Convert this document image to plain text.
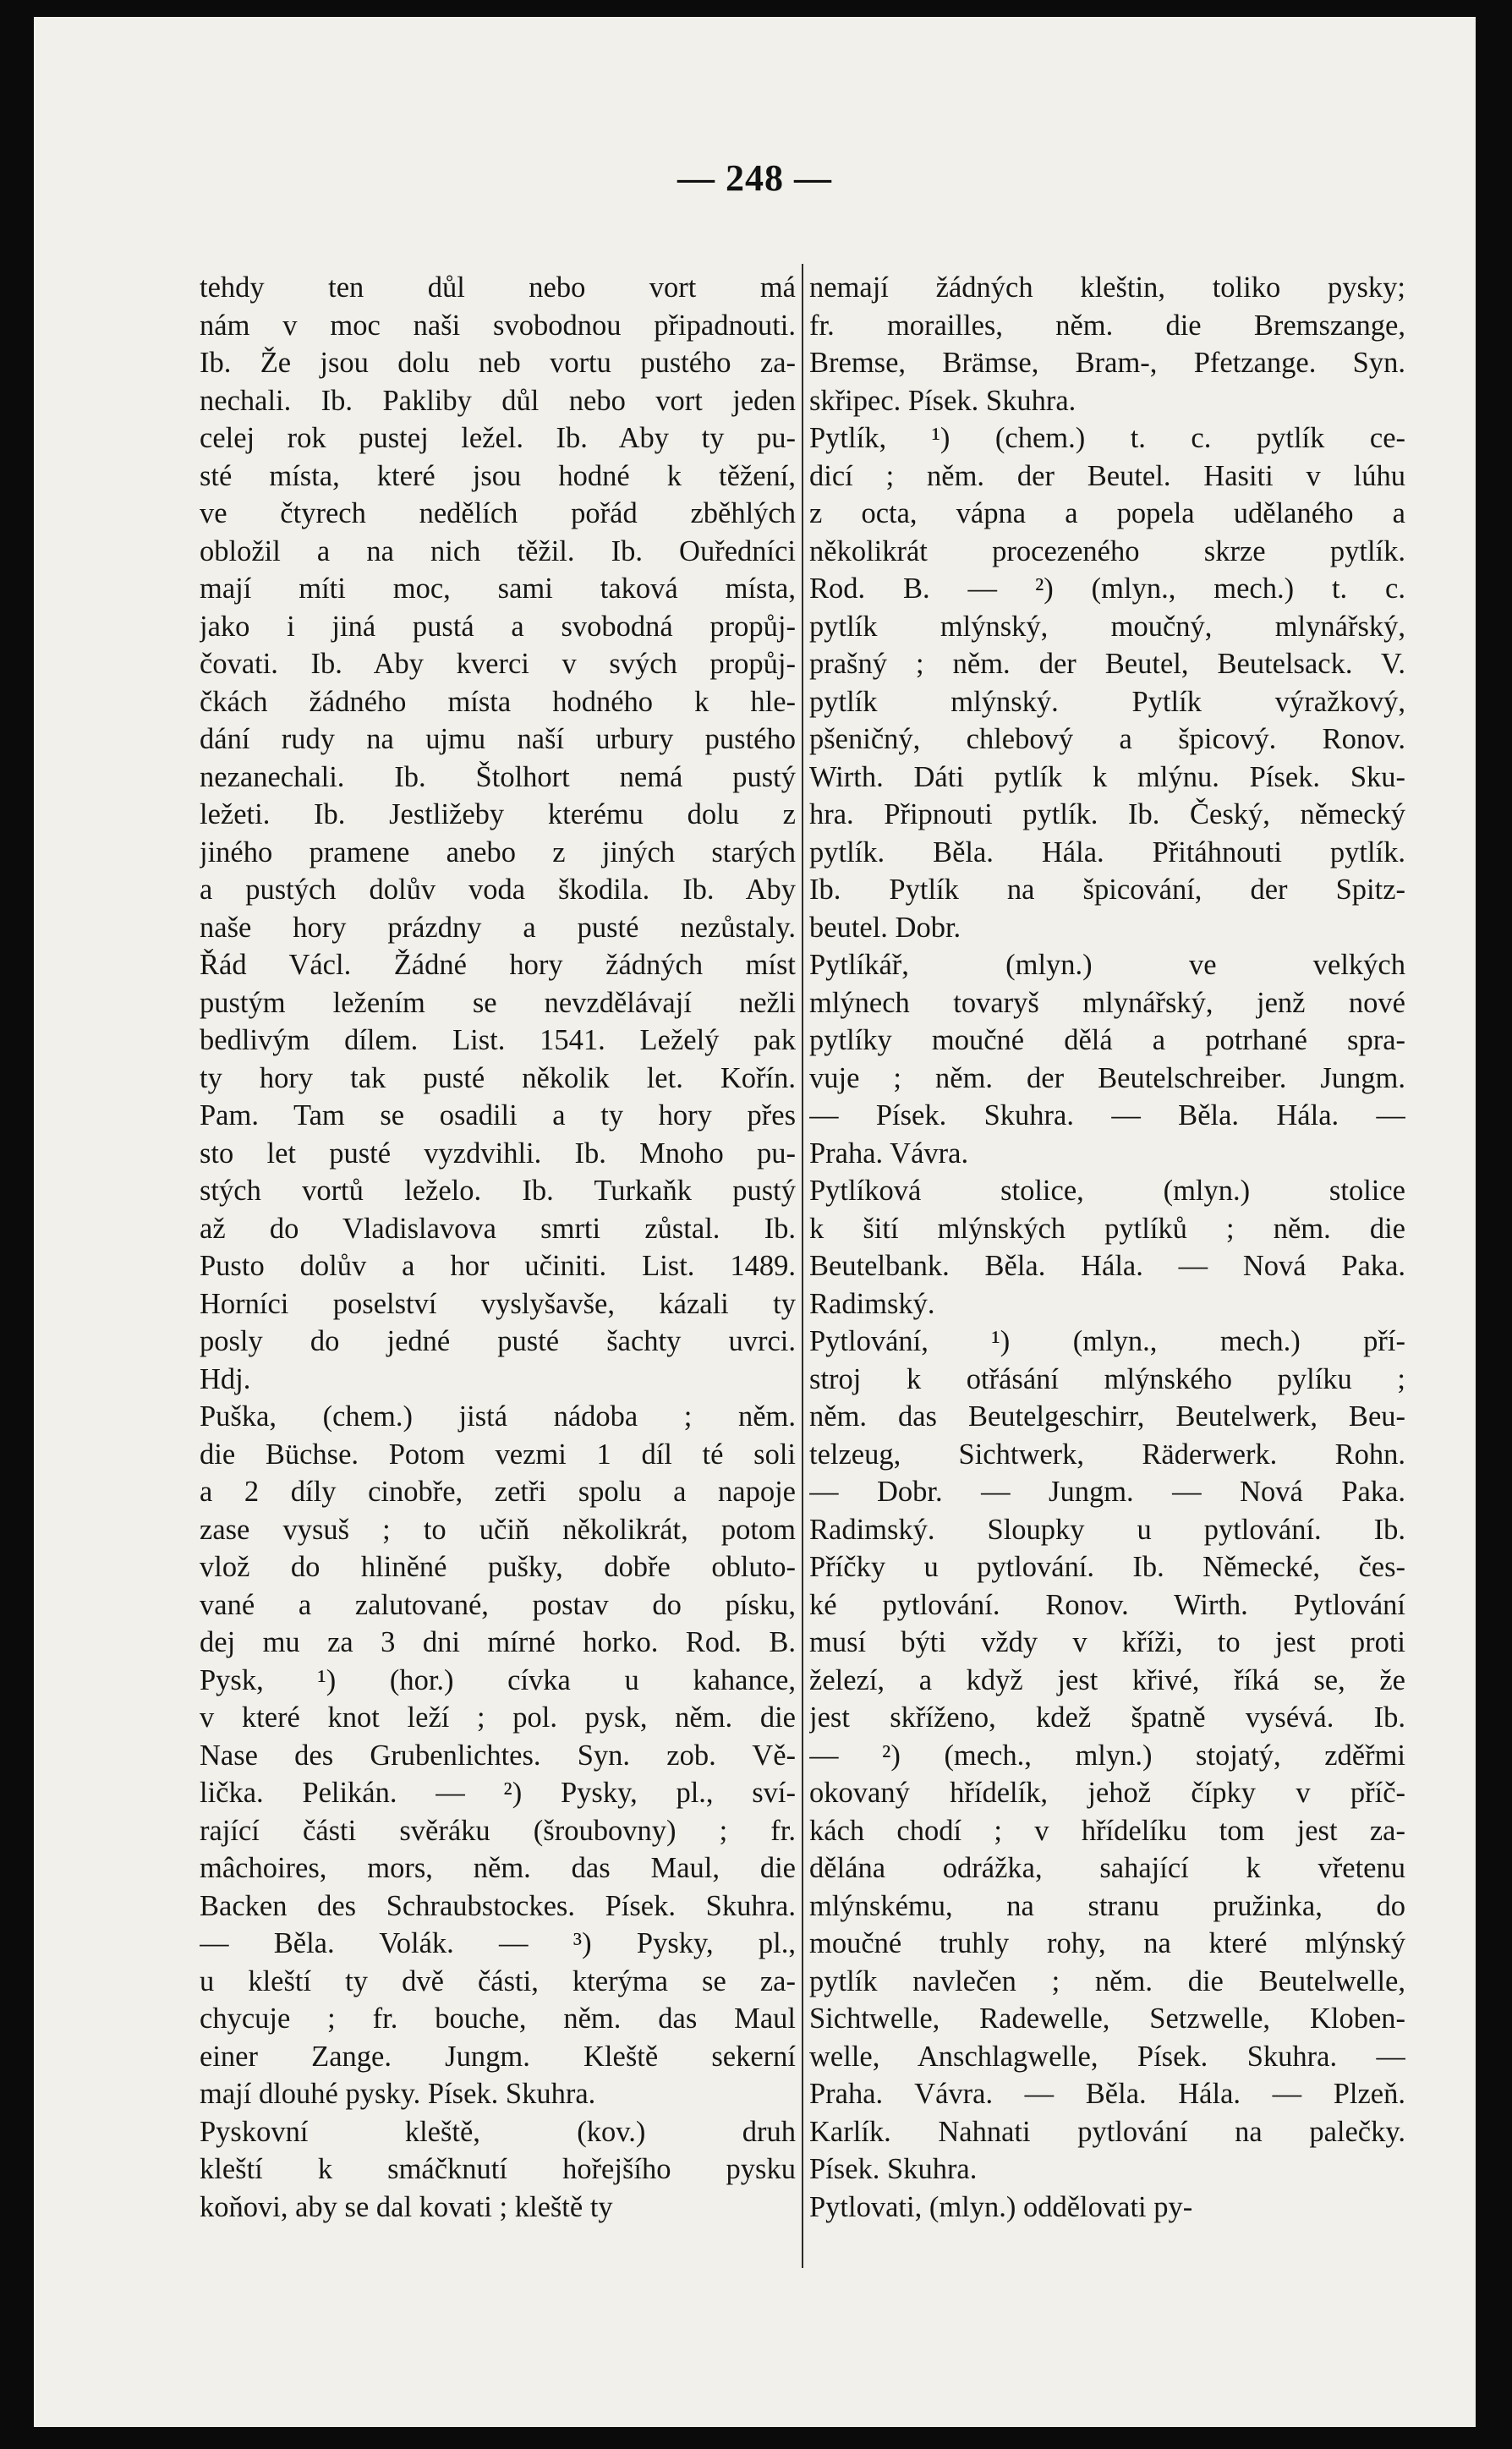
— 248 —
tehdy ten důl nebo vort má
nám v moc naši svobodnou připadnouti.
Ib. Že jsou dolu neb vortu pustého za-
nechali. Ib. Pakliby důl nebo vort jeden
celej rok pustej ležel. Ib. Aby ty pu-
sté místa, které jsou hodné k těžení,
ve čtyrech nedělích pořád zběhlých
obložil a na nich těžil. Ib. Ouředníci
mají míti moc, sami taková místa,
jako i jiná pustá a svobodná propůj-
čovati. Ib. Aby kverci v svých propůj-
čkách žádného místa hodného k hle-
dání rudy na ujmu naší urbury pustého
nezanechali. Ib. Štolhort nemá pustý
ležeti. Ib. Jestližeby kterému dolu z
jiného pramene anebo z jiných starých
a pustých dolův voda škodila. Ib. Aby
naše hory prázdny a pusté nezůstaly.
Řád Václ. Žádné hory žádných míst
pustým ležením se nevzdělávají nežli
bedlivým dílem. List. 1541. Leželý pak
ty hory tak pusté několik let. Kořín.
Pam. Tam se osadili a ty hory přes
sto let pusté vyzdvihli. Ib. Mnoho pu-
stých vortů leželo. Ib. Turkaňk pustý
až do Vladislavova smrti zůstal. Ib.
Pusto dolův a hor učiniti. List. 1489.
Horníci poselství vyslyšavše, kázali ty
posly do jedné pusté šachty uvrci.
Hdj.
Puška, (chem.) jistá nádoba ; něm.
die Büchse. Potom vezmi 1 díl té soli
a 2 díly cinobře, zetři spolu a napoje
zase vysuš ; to učiň několikrát, potom
vlož do hliněné pušky, dobře obluto-
vané a zalutované, postav do písku,
dej mu za 3 dni mírné horko. Rod. B.
Pysk, ¹) (hor.) cívka u kahance,
v které knot leží ; pol. pysk, něm. die
Nase des Grubenlichtes. Syn. zob. Vě-
lička. Pelikán. — ²) Pysky, pl., sví-
rající části svěráku (šroubovny) ; fr.
mâchoires, mors, něm. das Maul, die
Backen des Schraubstockes. Písek. Skuhra.
— Běla. Volák. — ³) Pysky, pl.,
u kleští ty dvě části, kterýma se za-
chycuje ; fr. bouche, něm. das Maul
einer Zange. Jungm. Kleště sekerní
mají dlouhé pysky. Písek. Skuhra.
Pyskovní kleště, (kov.) druh
kleští k smáčknutí hořejšího pysku
koňovi, aby se dal kovati ; kleště ty
nemají žádných kleštin, toliko pysky;
fr. morailles, něm. die Bremszange,
Bremse, Brämse, Bram-, Pfetzange. Syn.
skřipec. Písek. Skuhra.
Pytlík, ¹) (chem.) t. c. pytlík ce-
dicí ; něm. der Beutel. Hasiti v lúhu
z octa, vápna a popela udělaného a
několikrát procezeného skrze pytlík.
Rod. B. — ²) (mlyn., mech.) t. c.
pytlík mlýnský, moučný, mlynářský,
prašný ; něm. der Beutel, Beutelsack. V.
pytlík mlýnský. Pytlík výražkový,
pšeničný, chlebový a špicový. Ronov.
Wirth. Dáti pytlík k mlýnu. Písek. Sku-
hra. Připnouti pytlík. Ib. Český, německý
pytlík. Běla. Hála. Přitáhnouti pytlík.
Ib. Pytlík na špicování, der Spitz-
beutel. Dobr.
Pytlíkář, (mlyn.) ve velkých
mlýnech tovaryš mlynářský, jenž nové
pytlíky moučné dělá a potrhané spra-
vuje ; něm. der Beutelschreiber. Jungm.
— Písek. Skuhra. — Běla. Hála. —
Praha. Vávra.
Pytlíková stolice, (mlyn.) stolice
k šití mlýnských pytlíků ; něm. die
Beutelbank. Běla. Hála. — Nová Paka.
Radimský.
Pytlování, ¹) (mlyn., mech.) pří-
stroj k otřásání mlýnského pylíku ;
něm. das Beutelgeschirr, Beutelwerk, Beu-
telzeug, Sichtwerk, Räderwerk. Rohn.
— Dobr. — Jungm. — Nová Paka.
Radimský. Sloupky u pytlování. Ib.
Příčky u pytlování. Ib. Německé, čes-
ké pytlování. Ronov. Wirth. Pytlování
musí býti vždy v kříži, to jest proti
železí, a když jest křivé, říká se, že
jest skříženo, kdež špatně vysévá. Ib.
— ²) (mech., mlyn.) stojatý, zděřmi
okovaný hřídelík, jehož čípky v příč-
kách chodí ; v hřídelíku tom jest za-
dělána odrážka, sahající k vřetenu
mlýnskému, na stranu pružinka, do
moučné truhly rohy, na které mlýnský
pytlík navlečen ; něm. die Beutelwelle,
Sichtwelle, Radewelle, Setzwelle, Kloben-
welle, Anschlagwelle, Písek. Skuhra. —
Praha. Vávra. — Běla. Hála. — Plzeň.
Karlík. Nahnati pytlování na palečky.
Písek. Skuhra.
Pytlovati, (mlyn.) oddělovati py-
